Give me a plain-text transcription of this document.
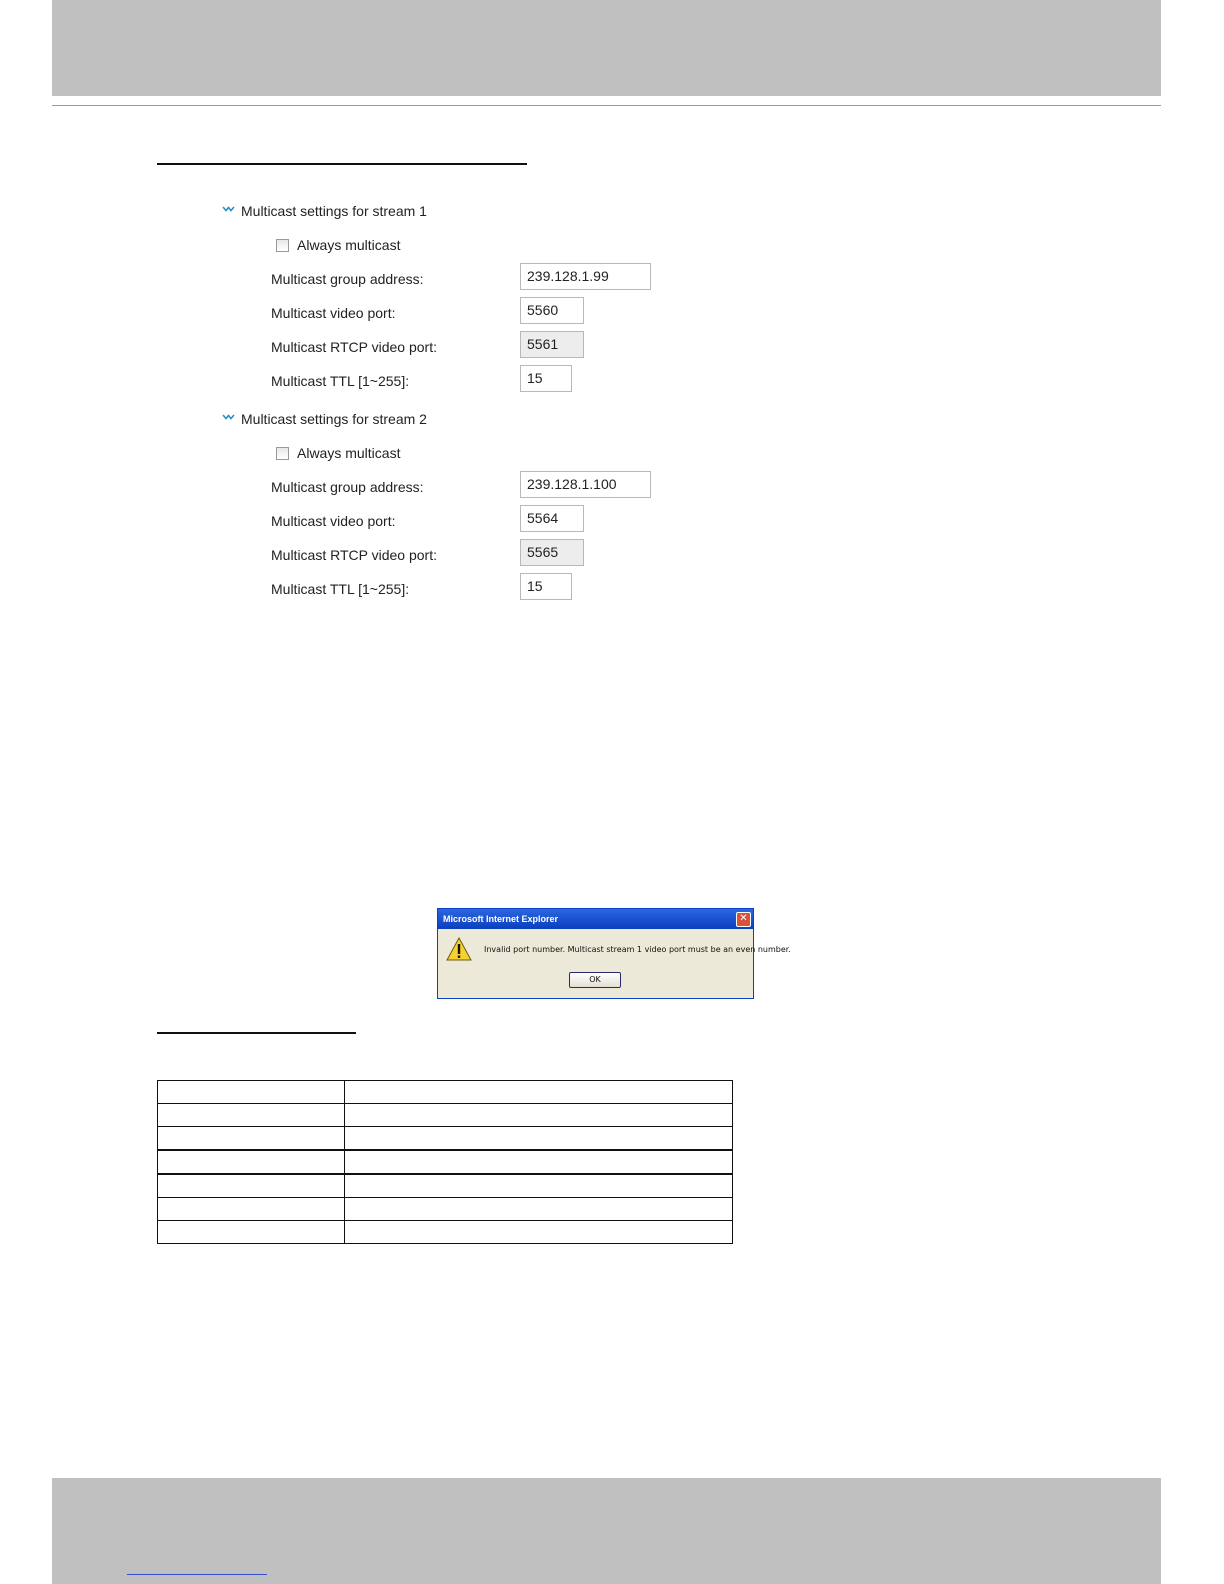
Multicast settings for stream 1
Always multicast
Multicast group address:	239.128.1.99
Multicast video port:	5560
Multicast RTCP video port:	5561
Multicast TTL [1~255]:	15
Multicast settings for stream 2
Always multicast
Multicast group address:	239.128.1.100
Multicast video port:	5564
Multicast RTCP video port:	5565
Multicast TTL [1~255]:	15
Microsoft Internet Explorer	✕
Invalid port number. Multicast stream 1 video port must be an even number.
OK
